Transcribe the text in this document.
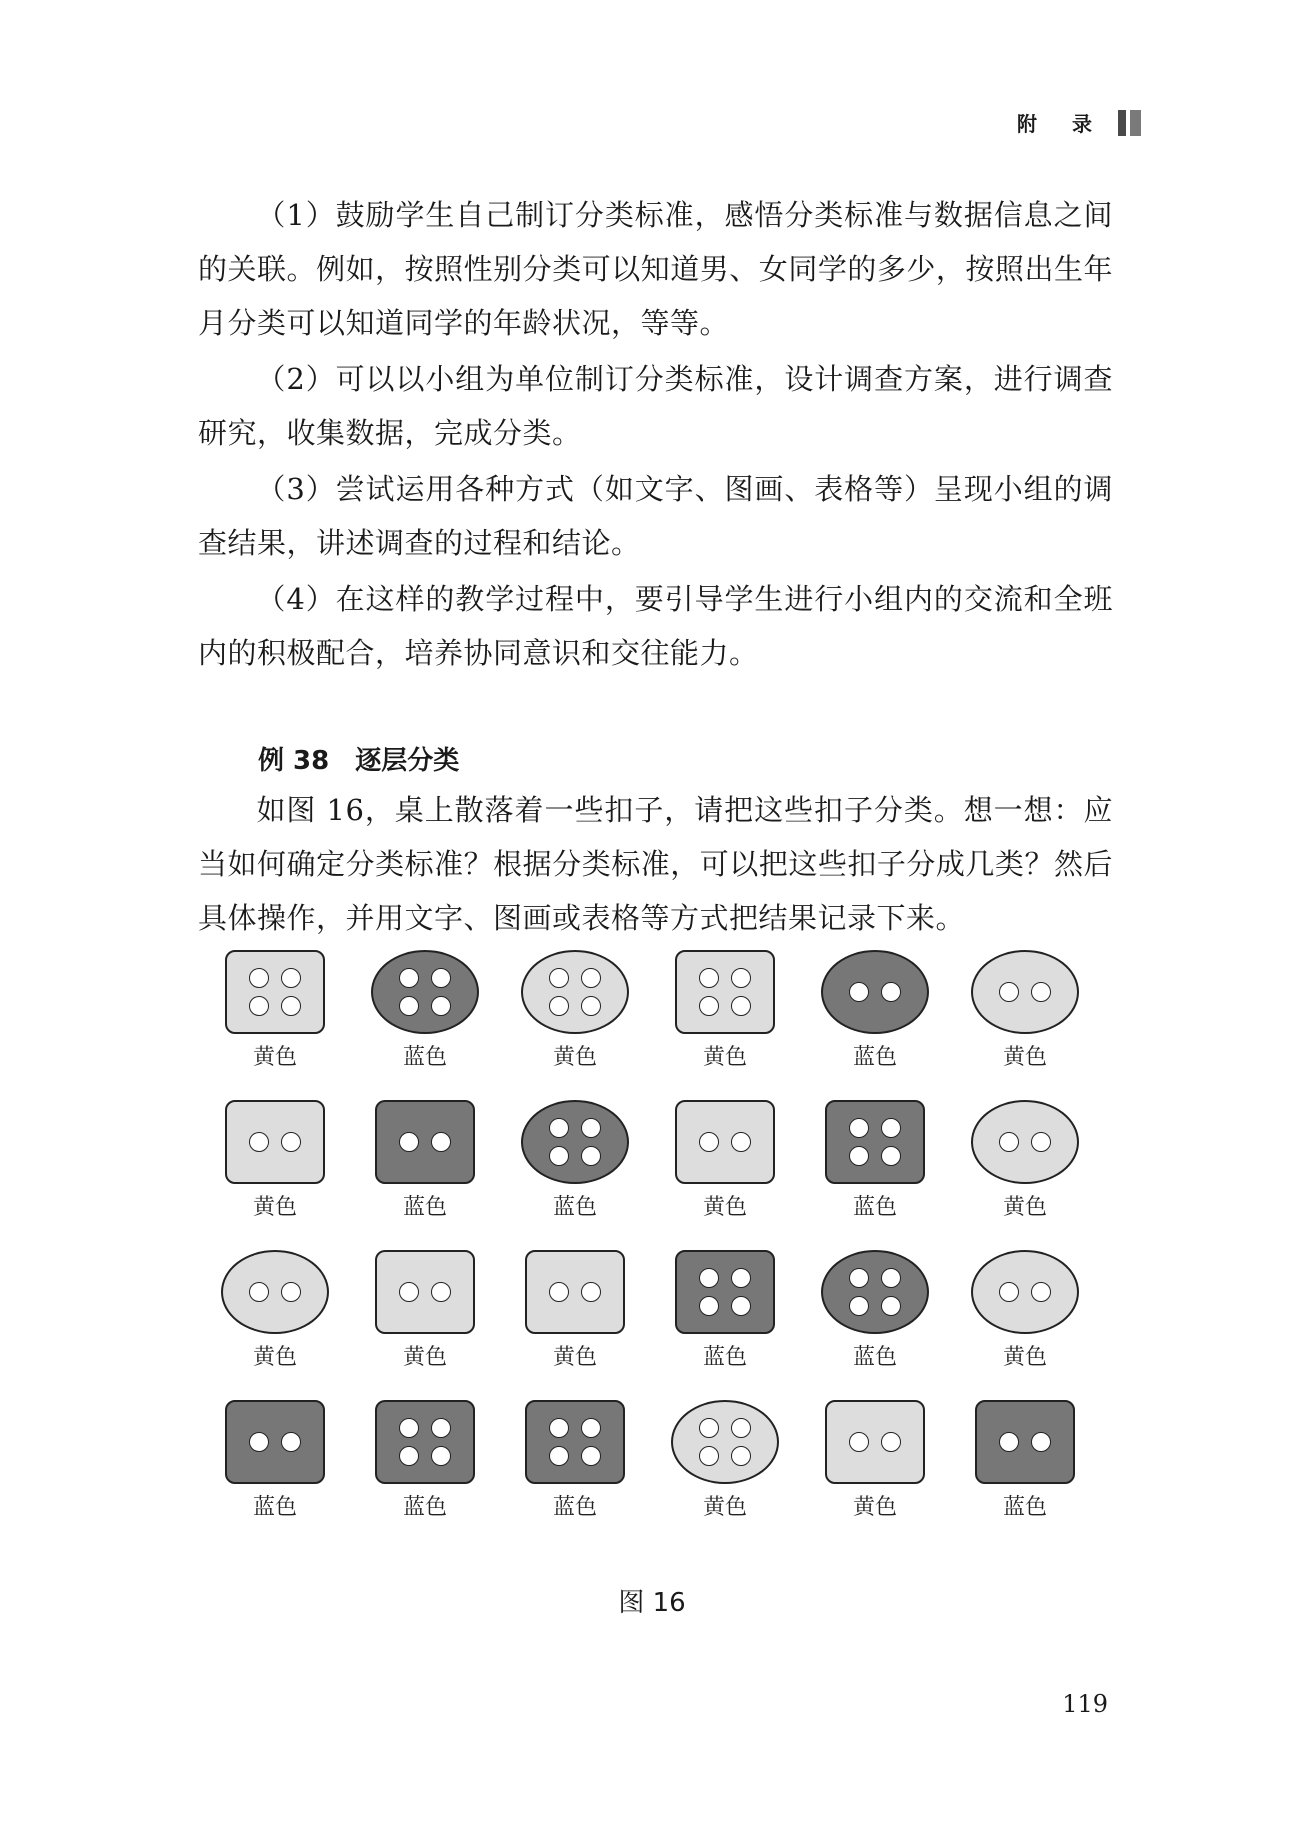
附 录

（1）鼓励学生自己制订分类标准，感悟分类标准与数据信息之间的关联。例如，按照性别分类可以知道男、女同学的多少，按照出生年月分类可以知道同学的年龄状况，等等。

（2）可以以小组为单位制订分类标准，设计调查方案，进行调查研究，收集数据，完成分类。

（3）尝试运用各种方式（如文字、图画、表格等）呈现小组的调查结果，讲述调查的过程和结论。

（4）在这样的教学过程中，要引导学生进行小组内的交流和全班内的积极配合，培养协同意识和交往能力。

例 38 逐层分类

如图 16，桌上散落着一些扣子，请把这些扣子分类。想一想：应当如何确定分类标准？根据分类标准，可以把这些扣子分成几类？然后具体操作，并用文字、图画或表格等方式把结果记录下来。

黄色	蓝色	黄色	黄色	蓝色	黄色
黄色	蓝色	蓝色	黄色	蓝色	黄色
黄色	黄色	黄色	蓝色	蓝色	黄色
蓝色	蓝色	蓝色	黄色	黄色	蓝色
图 16
119
